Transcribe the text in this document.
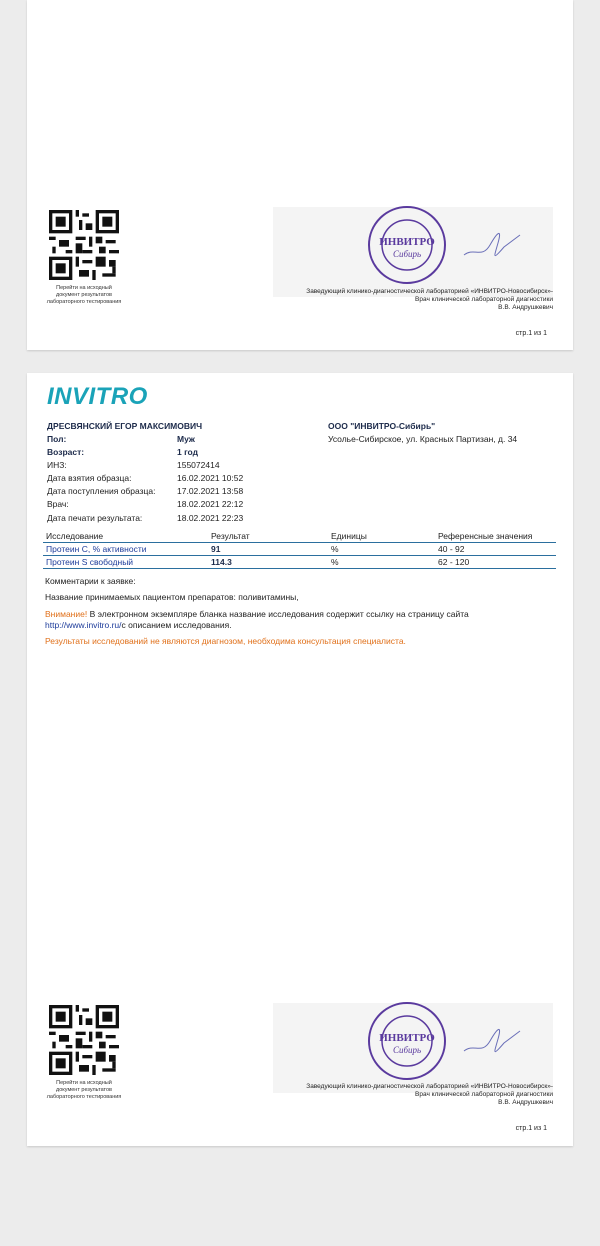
Перейти на исходный
документ результатов
лабораторного тестирования
ИНВИТРО
Сибирь
Заведующий клинико-диагностической лабораторией «ИНВИТРО-Новосибирск»-
Врач клинической лабораторной диагностики
В.В. Андрушкевич
стр.1 из 1
INVITRO
ДРЕСВЯНСКИЙ ЕГОР МАКСИМОВИЧ	ООО "ИНВИТРО-Сибирь"
Усолье-Сибирское, ул. Красных Партизан, д. 34
Пол:	Муж
Возраст:	1 год
ИНЗ:	155072414
Дата взятия образца:	16.02.2021 10:52
Дата поступления образца:	17.02.2021 13:58
Врач:	18.02.2021 22:12
Дата печати результата:	18.02.2021 22:23
Исследование	Результат	Единицы	Референсные значения
Протеин С, % активности	91	%	40 - 92
Протеин S свободный	114.3	%	62 - 120
Комментарии к заявке:
Название принимаемых пациентом препаратов: поливитамины,
Внимание! В электронном экземпляре бланка название исследования содержит ссылку на страницу сайта
http://www.invitro.ru/с описанием исследования.
Результаты исследований не являются диагнозом, необходима консультация специалиста.
Перейти на исходный
документ результатов
лабораторного тестирования
ИНВИТРО
Сибирь
Заведующий клинико-диагностической лабораторией «ИНВИТРО-Новосибирск»-
Врач клинической лабораторной диагностики
В.В. Андрушкевич
стр.1 из 1
